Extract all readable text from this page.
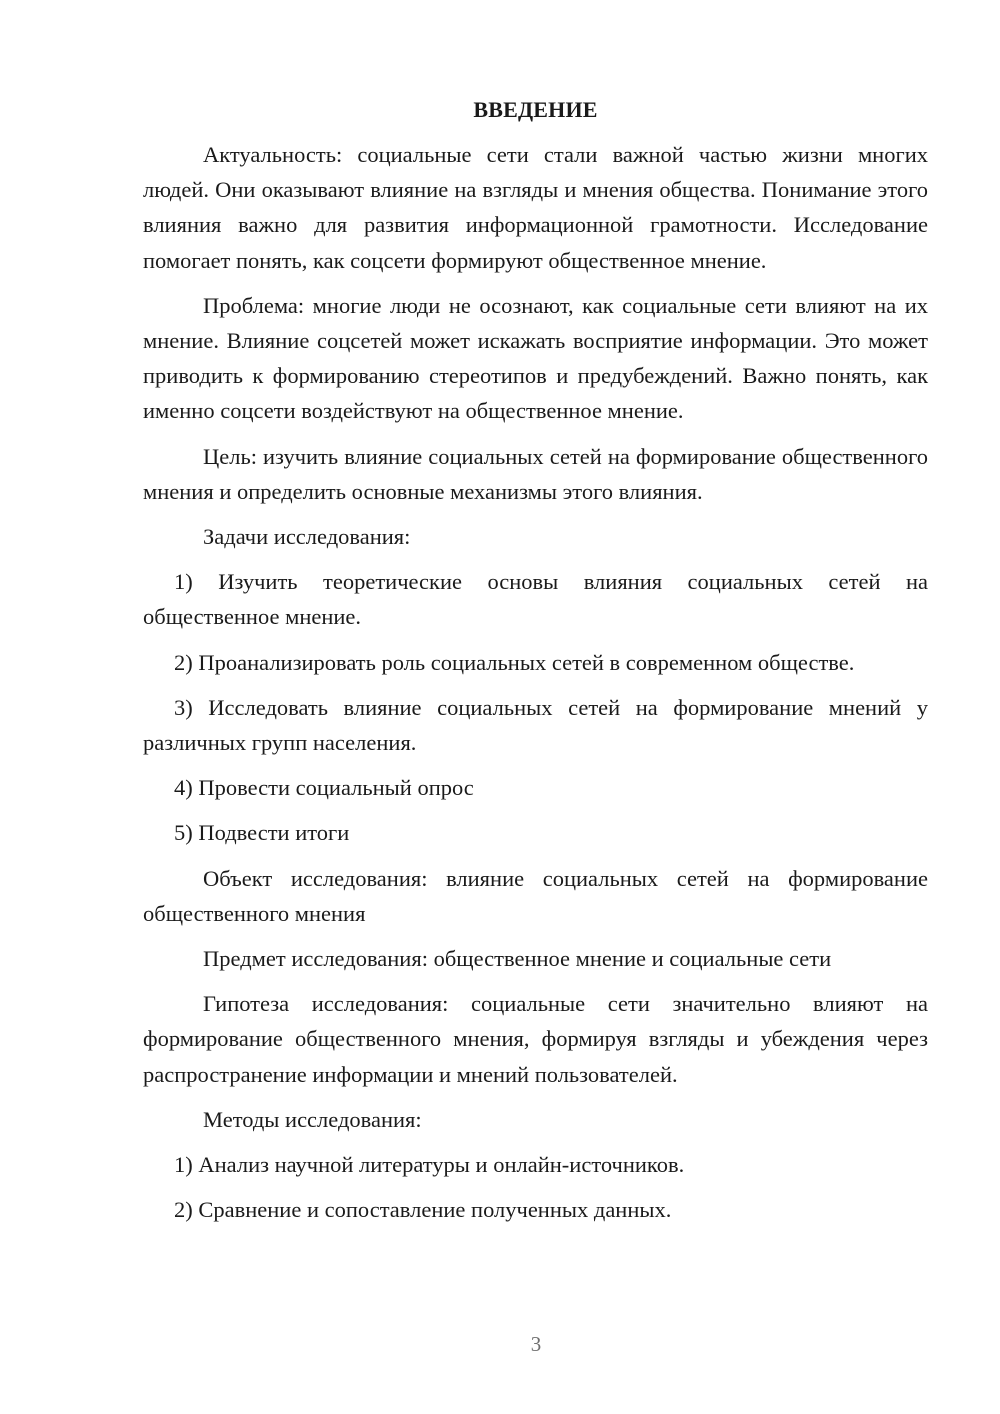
ВВЕДЕНИЕ

Актуальность: социальные сети стали важной частью жизни многих людей. Они оказывают влияние на взгляды и мнения общества. Понимание этого влияния важно для развития информационной грамотности. Исследование помогает понять, как соцсети формируют общественное мнение.

Проблема: многие люди не осознают, как социальные сети влияют на их мнение. Влияние соцсетей может искажать восприятие информации. Это может приводить к формированию стереотипов и предубеждений. Важно понять, как именно соцсети воздействуют на общественное мнение.

Цель: изучить влияние социальных сетей на формирование общественного мнения и определить основные механизмы этого влияния.

Задачи исследования:

1) Изучить теоретические основы влияния социальных сетей на общественное мнение.

2) Проанализировать роль социальных сетей в современном обществе.

3) Исследовать влияние социальных сетей на формирование мнений у различных групп населения.

4) Провести социальный опрос

5) Подвести итоги

Объект исследования: влияние социальных сетей на формирование общественного мнения

Предмет исследования: общественное мнение и социальные сети

Гипотеза исследования: социальные сети значительно влияют на формирование общественного мнения, формируя взгляды и убеждения через распространение информации и мнений пользователей.

Методы исследования:

1) Анализ научной литературы и онлайн-источников.

2) Сравнение и сопоставление полученных данных.

3
